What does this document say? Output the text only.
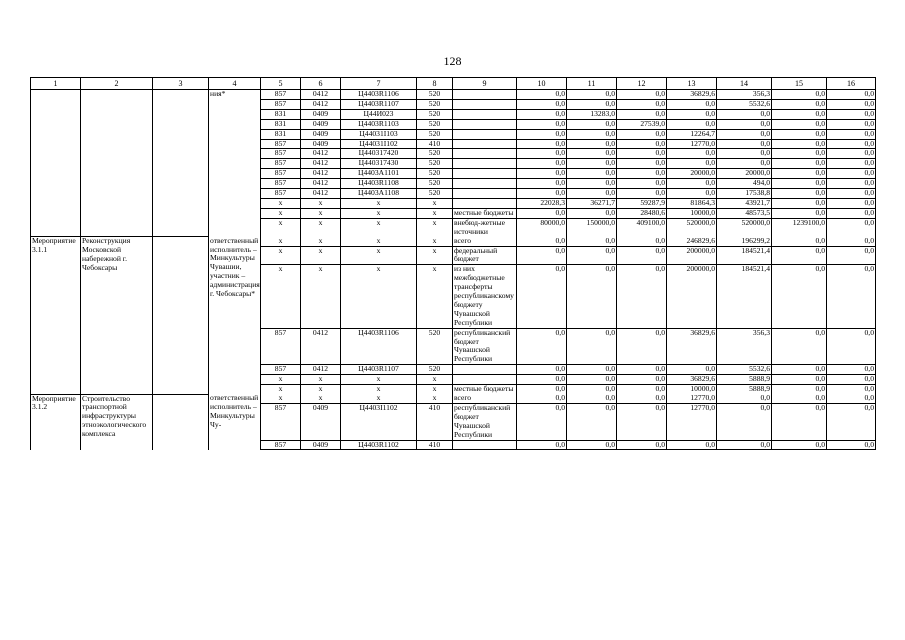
128
1	2	3	4	5	6	7	8	9	10	11	12	13	14	15	16
			ния*	857	0412	Ц4403R1106	520		0,0	0,0	0,0	36829,6	356,3	0,0	0,0
				857	0412	Ц4403R1107	520		0,0	0,0	0,0	0,0	5532,6	0,0	0,0
				831	0409	Ц44И023	520		0,0	13283,0	0,0	0,0	0,0	0,0	0,0
				831	0409	Ц4403R1103	520		0,0	0,0	27539,0	0,0	0,0	0,0	0,0
				831	0409	Ц44031I103	520		0,0	0,0	0,0	12264,7	0,0	0,0	0,0
				857	0409	Ц44031I102	410		0,0	0,0	0,0	12770,0	0,0	0,0	0,0
				857	0412	Ц440317420	520		0,0	0,0	0,0	0,0	0,0	0,0	0,0
				857	0412	Ц440317430	520		0,0	0,0	0,0	0,0	0,0	0,0	0,0
				857	0412	Ц4403A1101	520		0,0	0,0	0,0	20000,0	20000,0	0,0	0,0
				857	0412	Ц4403R1108	520		0,0	0,0	0,0	0,0	494,0	0,0	0,0
				857	0412	Ц4403A1108	520		0,0	0,0	0,0	0,0	17538,8	0,0	0,0
				x	x	x	x		22028,3	36271,7	59287,9	81864,3	43921,7	0,0	0,0
				x	x	x	x	местные бюджеты	0,0	0,0	28480,6	10000,0	48573,5	0,0	0,0
				x	x	x	x	внебюд-жетные источники	80000,0	150000,0	409100,0	520000,0	520000,0	1239100,0	0,0
Мероприятие 3.1.1	Реконструкция Московской набережной г. Чебоксары		ответственный исполнитель – Минкультуры Чувашии, участник – администрация г. Чебоксары*	x	x	x	x	всего	0,0	0,0	0,0	246829,6	196299,2	0,0	0,0
				x	x	x	x	федеральный бюджет	0,0	0,0	0,0	200000,0	184521,4	0,0	0,0
				x	x	x	x	из них межбюджетные трансферты республиканскому бюджету Чувашской Республики	0,0	0,0	0,0	200000,0	184521,4	0,0	0,0
				857	0412	Ц4403R1106	520	республиканский бюджет Чувашской Республики	0,0	0,0	0,0	36829,6	356,3	0,0	0,0
				857	0412	Ц4403R1107	520		0,0	0,0	0,0	0,0	5532,6	0,0	0,0
				x	x	x	x		0,0	0,0	0,0	36829,6	5888,9	0,0	0,0
				x	x	x	x	местные бюджеты	0,0	0,0	0,0	10000,0	5888,9	0,0	0,0
Мероприятие 3.1.2	Строительство транспортной инфраструктуры этноэкологического комплекса		ответственный исполнитель – Минкультуры Чу-	x	x	x	x	всего	0,0	0,0	0,0	12770,0	0,0	0,0	0,0
				857	0409	Ц4403I1102	410	республиканский бюджет Чувашской Республики	0,0	0,0	0,0	12770,0	0,0	0,0	0,0
				857	0409	Ц4403R1102	410		0,0	0,0	0,0	0,0	0,0	0,0	0,0
